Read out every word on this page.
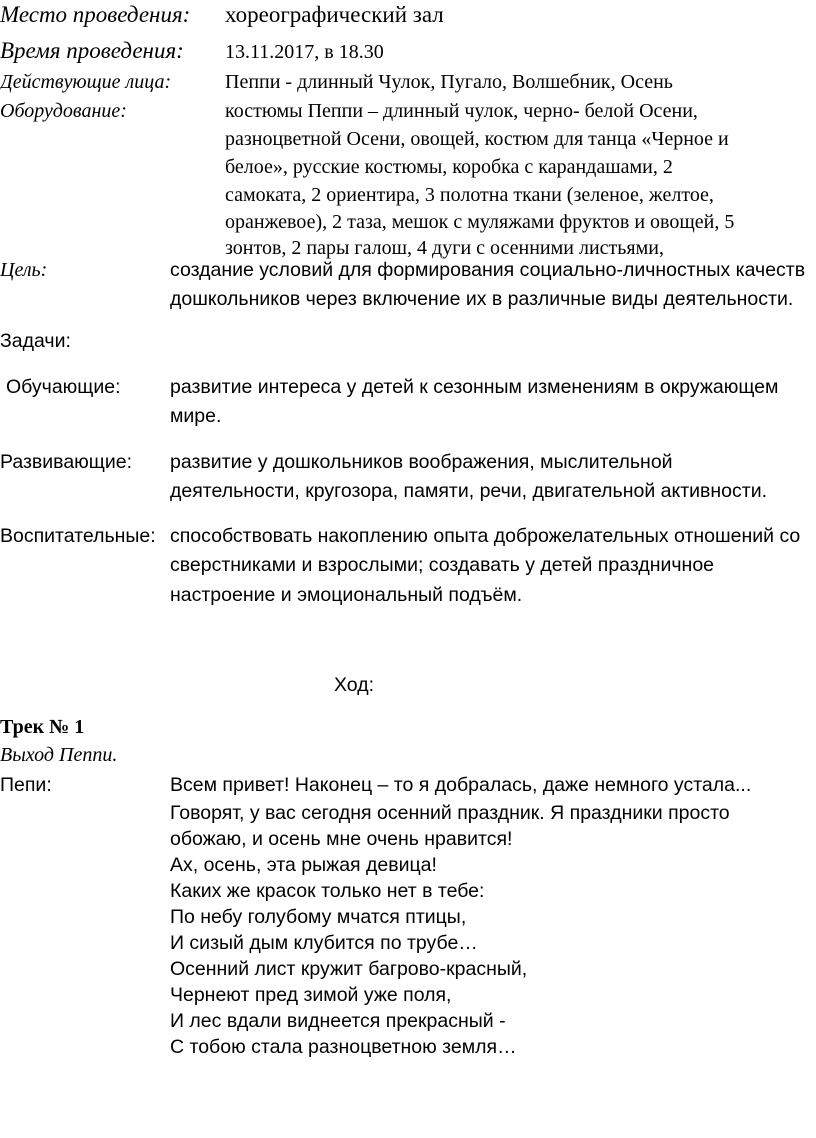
Место проведения: хореографический зал
Время проведения: 13.11.2017, в 18.30
Действующие лица:	Пеппи - длинный Чулок, Пугало, Волшебник, Осень
Оборудование:	костюмы Пеппи – длинный чулок, черно- белой Осени,
разноцветной Осени, овощей, костюм для танца «Черное и
белое», русские костюмы, коробка с карандашами, 2
самоката, 2 ориентира, 3 полотна ткани (зеленое, желтое,
оранжевое), 2 таза, мешок с муляжами фруктов и овощей, 5
зонтов, 2 пары галош, 4 дуги с осенними листьями,
Цель:	создание условий для формирования социально-личностных качеств
дошкольников через включение их в различные виды деятельности.
Задачи:
Обучающие:	развитие интереса у детей к сезонным изменениям в окружающем
мире.
Развивающие: развитие у дошкольников воображения, мыслительной
деятельности, кругозора, памяти, речи, двигательной активности.
Воспитательные: способствовать накоплению опыта доброжелательных отношений со
сверстниками и взрослыми; создавать у детей праздничное
настроение и эмоциональный подъём.
Ход:
Трек № 1
Выход Пеппи.
Пепи:	Всем привет! Наконец – то я добралась, даже немного устала...
Говорят, у вас сегодня осенний праздник. Я праздники просто
обожаю, и осень мне очень нравится!
Ах, осень, эта рыжая девица!
Каких же красок только нет в тебе:
По небу голубому мчатся птицы,
И сизый дым клубится по трубе…
Осенний лист кружит багрово-красный,
Чернеют пред зимой уже поля,
И лес вдали виднеется прекрасный -
С тобою стала разноцветною земля…
